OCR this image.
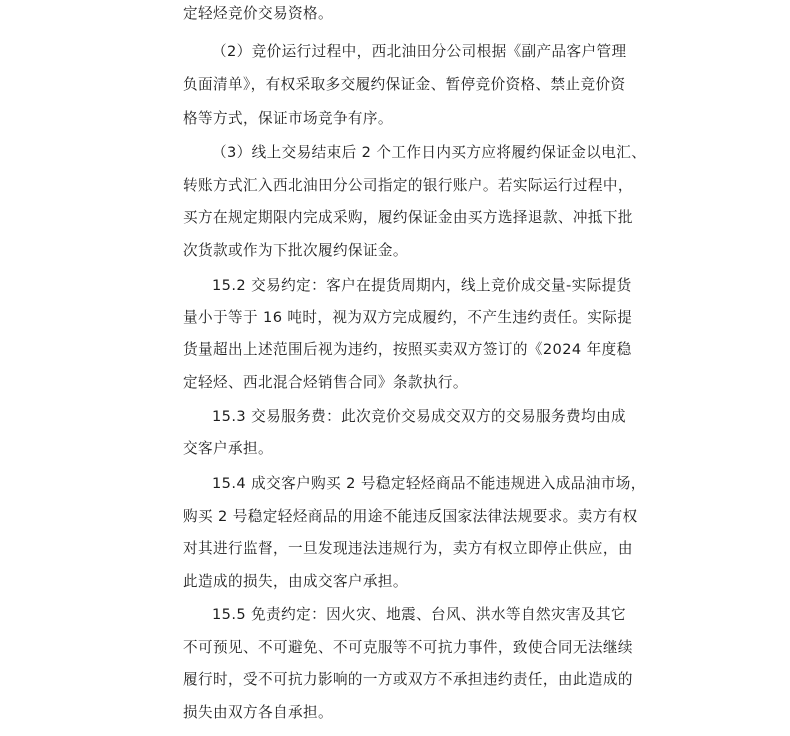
定轻烃竞价交易资格。
（2）竞价运行过程中，西北油田分公司根据《副产品客户管理
负面清单》，有权采取多交履约保证金、暂停竞价资格、禁止竞价资
格等方式，保证市场竞争有序。
（3）线上交易结束后 2 个工作日内买方应将履约保证金以电汇、
转账方式汇入西北油田分公司指定的银行账户。若实际运行过程中，
买方在规定期限内完成采购，履约保证金由买方选择退款、冲抵下批
次货款或作为下批次履约保证金。
15.2 交易约定：客户在提货周期内，线上竞价成交量-实际提货
量小于等于 16 吨时，视为双方完成履约，不产生违约责任。实际提
货量超出上述范围后视为违约，按照买卖双方签订的《2024 年度稳
定轻烃、西北混合烃销售合同》条款执行。
15.3 交易服务费：此次竞价交易成交双方的交易服务费均由成
交客户承担。
15.4 成交客户购买 2 号稳定轻烃商品不能违规进入成品油市场，
购买 2 号稳定轻烃商品的用途不能违反国家法律法规要求。卖方有权
对其进行监督，一旦发现违法违规行为，卖方有权立即停止供应，由
此造成的损失，由成交客户承担。
15.5 免责约定：因火灾、地震、台风、洪水等自然灾害及其它
不可预见、不可避免、不可克服等不可抗力事件，致使合同无法继续
履行时，受不可抗力影响的一方或双方不承担违约责任，由此造成的
损失由双方各自承担。
